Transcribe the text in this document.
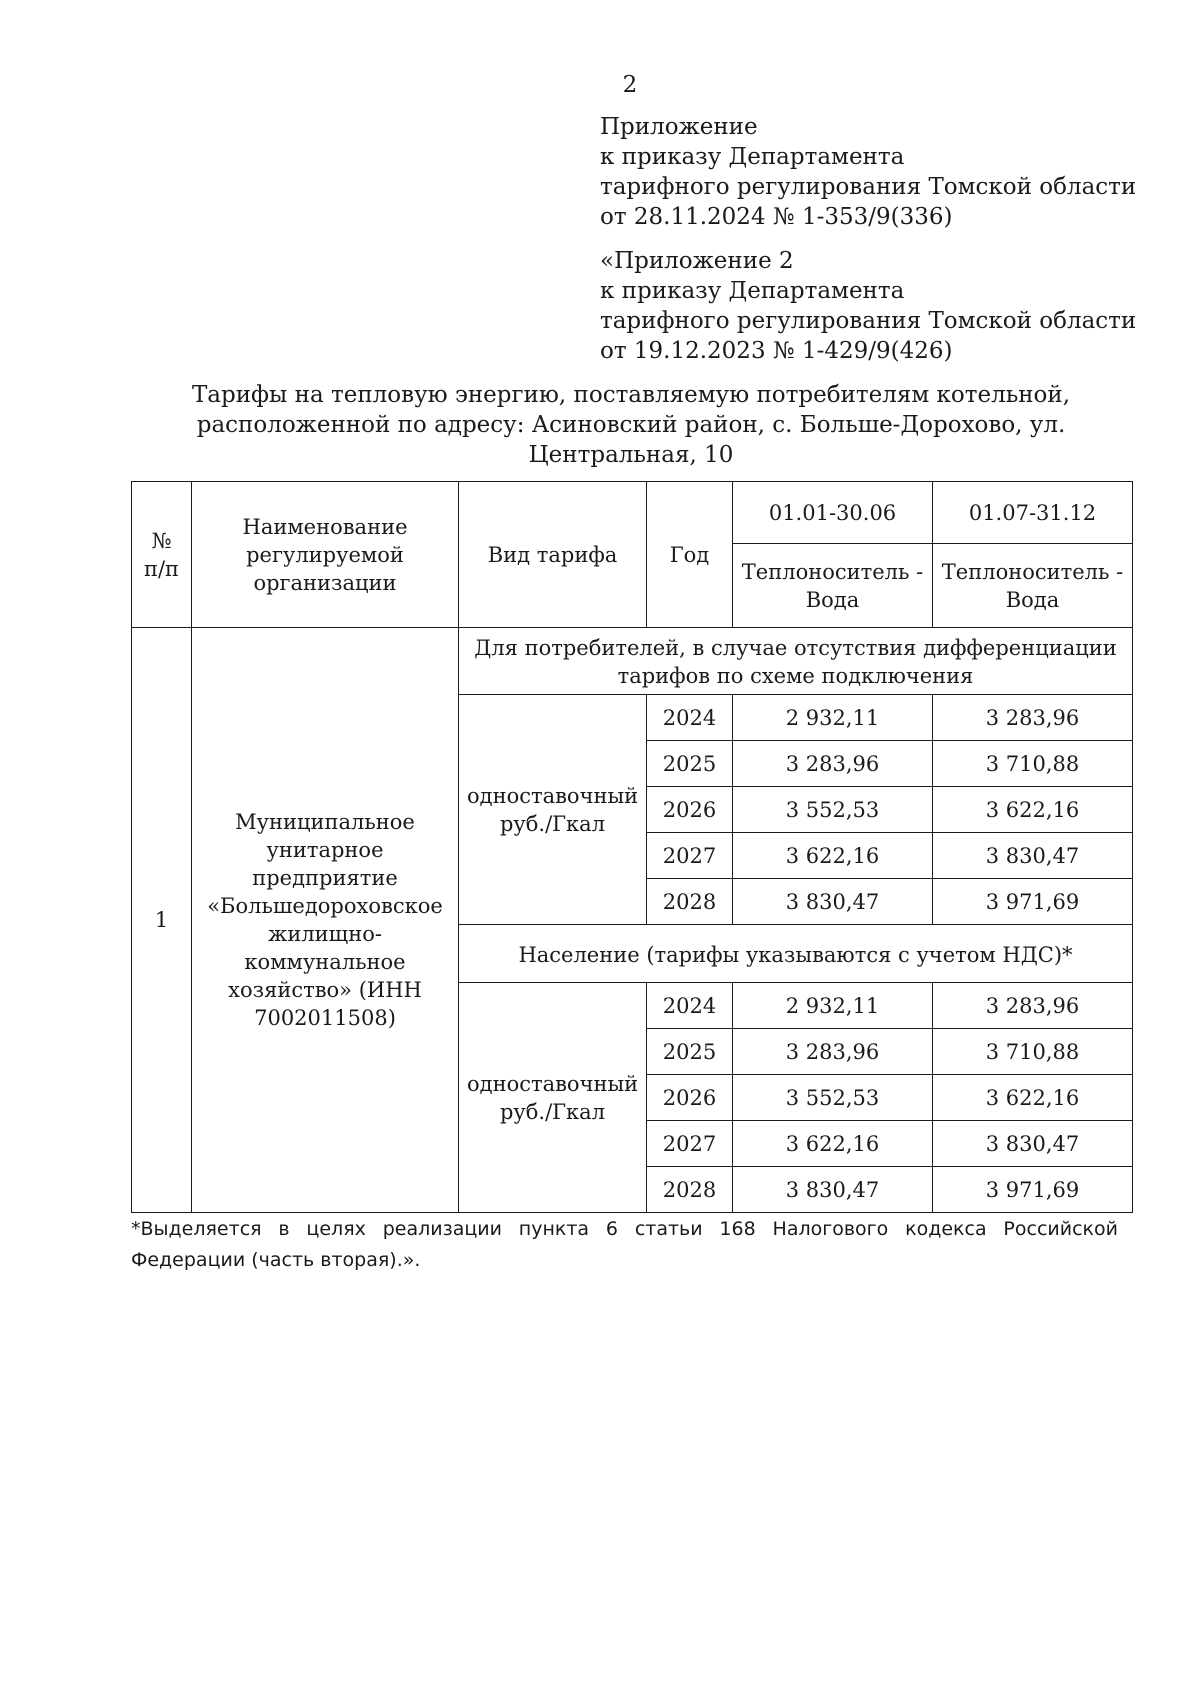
2
Приложение
к приказу Департамента
тарифного регулирования Томской области
от 28.11.2024 № 1-353/9(336)
«Приложение 2
к приказу Департамента
тарифного регулирования Томской области
от 19.12.2023 № 1-429/9(426)
Тарифы на тепловую энергию, поставляемую потребителям котельной, расположенной по адресу: Асиновский район, с. Больше-Дорохово, ул. Центральная, 10
№ п/п	Наименование регулируемой организации	Вид тарифа	Год	01.01-30.06	01.07-31.12
				Теплоноситель - Вода	Теплоноситель - Вода
1	Муниципальное унитарное предприятие «Большедороховское жилищно-коммунальное хозяйство» (ИНН 7002011508)	Для потребителей, в случае отсутствия дифференциации тарифов по схеме подключения			
		одноставочный руб./Гкал	2024	2 932,11	3 283,96
			2025	3 283,96	3 710,88
			2026	3 552,53	3 622,16
			2027	3 622,16	3 830,47
			2028	3 830,47	3 971,69
		Население (тарифы указываются с учетом НДС)*			
		одноставочный руб./Гкал	2024	2 932,11	3 283,96
			2025	3 283,96	3 710,88
			2026	3 552,53	3 622,16
			2027	3 622,16	3 830,47
			2028	3 830,47	3 971,69
*Выделяется в целях реализации пункта 6 статьи 168 Налогового кодекса Российской Федерации (часть вторая).».
